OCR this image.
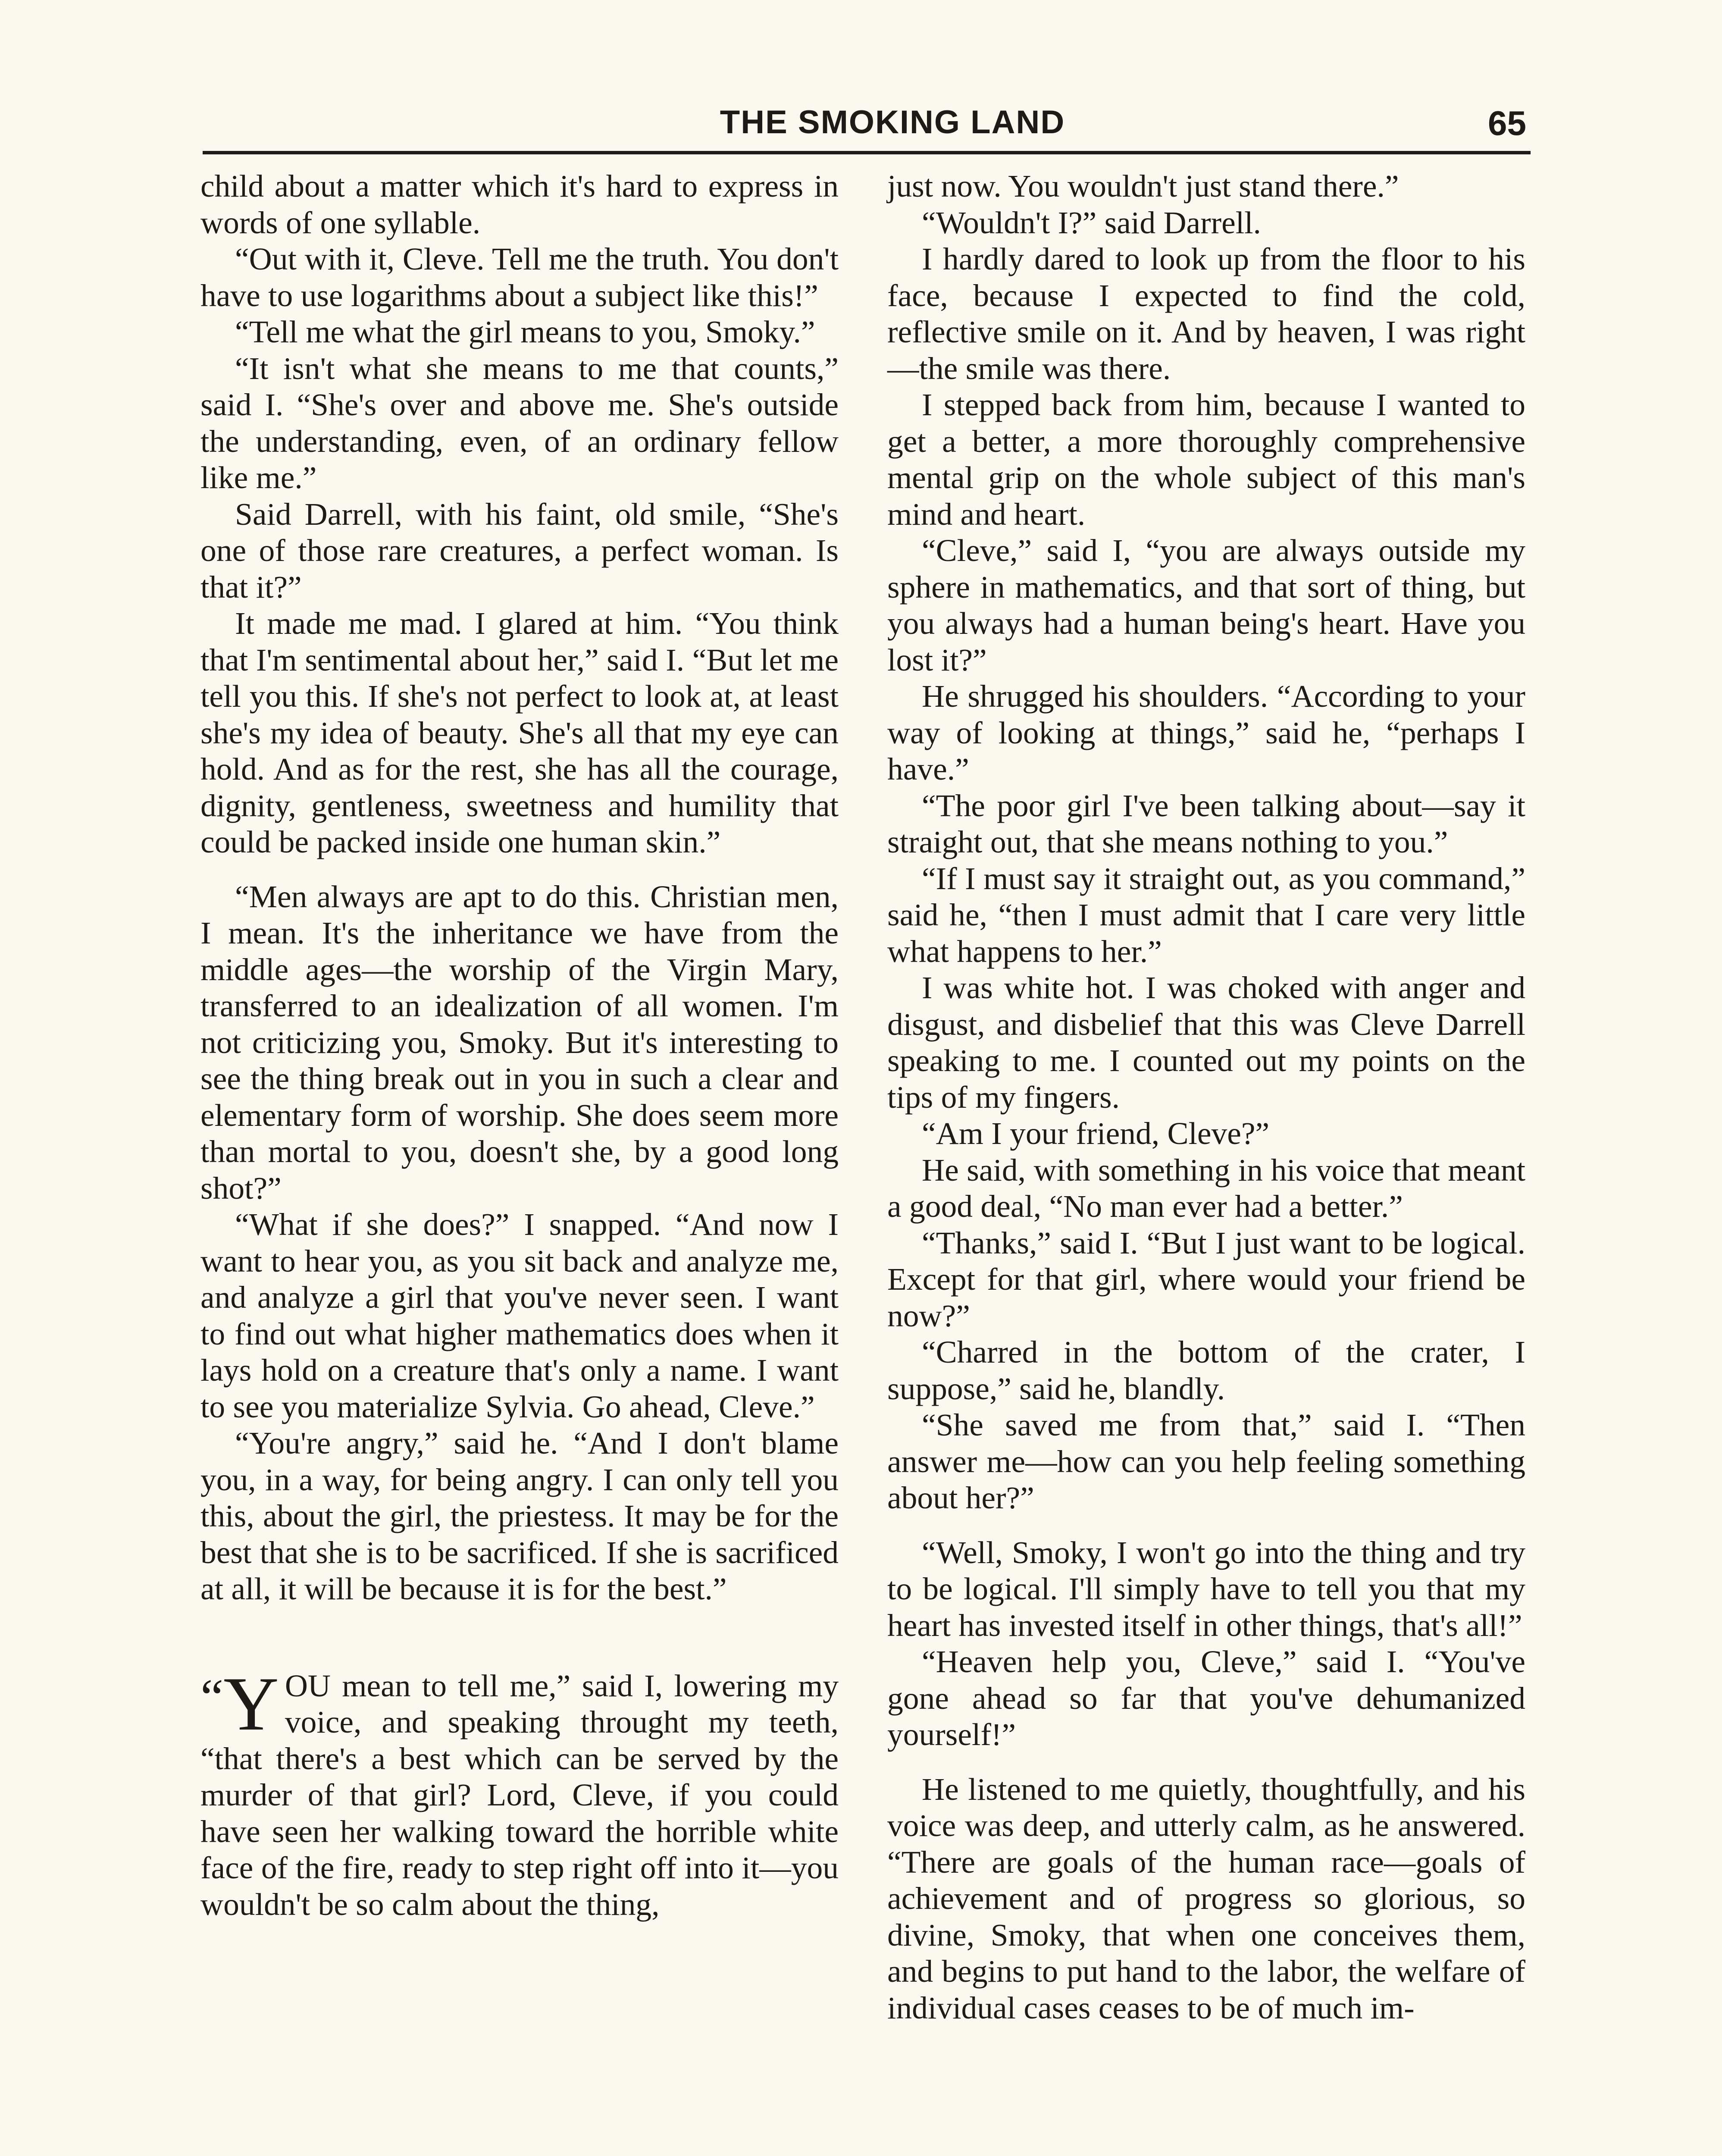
THE SMOKING LAND	65

child about a matter which it's hard to express in words of one syllable.

“Out with it, Cleve. Tell me the truth. You don't have to use logarithms about a subject like this!”

“Tell me what the girl means to you, Smoky.”

“It isn't what she means to me that counts,” said I. “She's over and above me. She's outside the understanding, even, of an ordinary fellow like me.”

Said Darrell, with his faint, old smile, “She's one of those rare creatures, a perfect woman. Is that it?”

It made me mad. I glared at him. “You think that I'm sentimental about her,” said I. “But let me tell you this. If she's not perfect to look at, at least she's my idea of beauty. She's all that my eye can hold. And as for the rest, she has all the courage, dignity, gentleness, sweetness and humility that could be packed inside one human skin.”

“Men always are apt to do this. Christian men, I mean. It's the inheritance we have from the middle ages—the worship of the Virgin Mary, transferred to an idealization of all women. I'm not criticizing you, Smoky. But it's interesting to see the thing break out in you in such a clear and elementary form of worship. She does seem more than mortal to you, doesn't she, by a good long shot?”

“What if she does?” I snapped. “And now I want to hear you, as you sit back and analyze me, and analyze a girl that you've never seen. I want to find out what higher mathematics does when it lays hold on a creature that's only a name. I want to see you materialize Sylvia. Go ahead, Cleve.”

“You're angry,” said he. “And I don't blame you, in a way, for being angry. I can only tell you this, about the girl, the priestess. It may be for the best that she is to be sacrificed. If she is sacrificed at all, it will be because it is for the best.”

“Y OU mean to tell me,” said I, lowering my voice, and speaking throught my teeth, “that there's a best which can be served by the murder of that girl? Lord, Cleve, if you could have seen her walking toward the horrible white face of the fire, ready to step right off into it—you wouldn't be so calm about the thing,

just now. You wouldn't just stand there.”

“Wouldn't I?” said Darrell.

I hardly dared to look up from the floor to his face, because I expected to find the cold, reflective smile on it. And by heaven, I was right—the smile was there.

I stepped back from him, because I wanted to get a better, a more thoroughly comprehensive mental grip on the whole subject of this man's mind and heart.

“Cleve,” said I, “you are always outside my sphere in mathematics, and that sort of thing, but you always had a human being's heart. Have you lost it?”

He shrugged his shoulders. “According to your way of looking at things,” said he, “perhaps I have.”

“The poor girl I've been talking about—say it straight out, that she means nothing to you.”

“If I must say it straight out, as you command,” said he, “then I must admit that I care very little what happens to her.”

I was white hot. I was choked with anger and disgust, and disbelief that this was Cleve Darrell speaking to me. I counted out my points on the tips of my fingers.

“Am I your friend, Cleve?”

He said, with something in his voice that meant a good deal, “No man ever had a better.”

“Thanks,” said I. “But I just want to be logical. Except for that girl, where would your friend be now?”

“Charred in the bottom of the crater, I suppose,” said he, blandly.

“She saved me from that,” said I. “Then answer me—how can you help feeling something about her?”

“Well, Smoky, I won't go into the thing and try to be logical. I'll simply have to tell you that my heart has invested itself in other things, that's all!”

“Heaven help you, Cleve,” said I. “You've gone ahead so far that you've dehumanized yourself!”

He listened to me quietly, thoughtfully, and his voice was deep, and utterly calm, as he answered. “There are goals of the human race—goals of achievement and of progress so glorious, so divine, Smoky, that when one conceives them, and begins to put hand to the labor, the welfare of individual cases ceases to be of much im-
